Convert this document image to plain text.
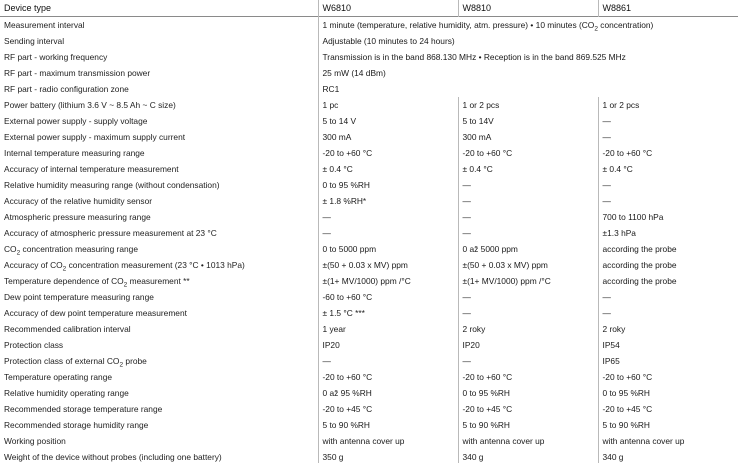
Device type	W6810	W8810	W8861
Measurement interval	1 minute (temperature, relative humidity, atm. pressure) • 10 minutes ($CO_2$ concentration)		
Sending interval	Adjustable (10 minutes to 24 hours)		
RF part - working frequency	Transmission is in the band 868.130 MHz • Reception is in the band 869.525 MHz		
RF part - maximum transmission power	25 mW (14 dBm)		
RF part - radio configuration zone	RC1		
Power battery (lithium 3.6 V ~ 8.5 Ah ~ C size)	1 pc	1 or 2 pcs	1 or 2 pcs
External power supply - supply voltage	5 to 14 V	5 to 14V	—
External power supply - maximum supply current	300 mA	300 mA	—
Internal temperature measuring range	-20 to +60 °C	-20 to +60 °C	-20 to +60 °C
Accuracy of internal temperature measurement	± 0.4 °C	± 0.4 °C	± 0.4 °C
Relative humidity measuring range (without condensation)	0 to 95 %RH	—	—
Accuracy of the relative humidity sensor	± 1.8 %RH*	—	—
Atmospheric pressure measuring range	—	—	700 to 1100 hPa
Accuracy of atmospheric pressure measurement at 23 °C	—	—	±1.3 hPa
$CO_2$ concentration measuring range	0 to 5000 ppm	0 až 5000 ppm	according the probe
Accuracy of $CO_2$ concentration measurement (23 °C • 1013 hPa)	±(50 + 0.03 x MV) ppm	±(50 + 0.03 x MV) ppm	according the probe
Temperature dependence of $CO_2$ measurement **	±(1+ MV/1000) ppm /°C	±(1+ MV/1000) ppm /°C	according the probe
Dew point temperature measuring range	-60 to +60 °C	—	—
Accuracy of dew point temperature measurement	± 1.5 °C ***	—	—
Recommended calibration interval	1 year	2 roky	2 roky
Protection class	IP20	IP20	IP54
Protection class of external $CO_2$ probe	—	—	IP65
Temperature operating range	-20 to +60 °C	-20 to +60 °C	-20 to +60 °C
Relative humidity operating range	0 až 95 %RH	0 to 95 %RH	0 to 95 %RH
Recommended storage temperature range	-20 to +45 °C	-20 to +45 °C	-20 to +45 °C
Recommended storage humidity range	5 to 90 %RH	5 to 90 %RH	5 to 90 %RH
Working position	with antenna cover up	with antenna cover up	with antenna cover up
Weight of the device without probes (including one battery)	350 g	340 g	340 g
